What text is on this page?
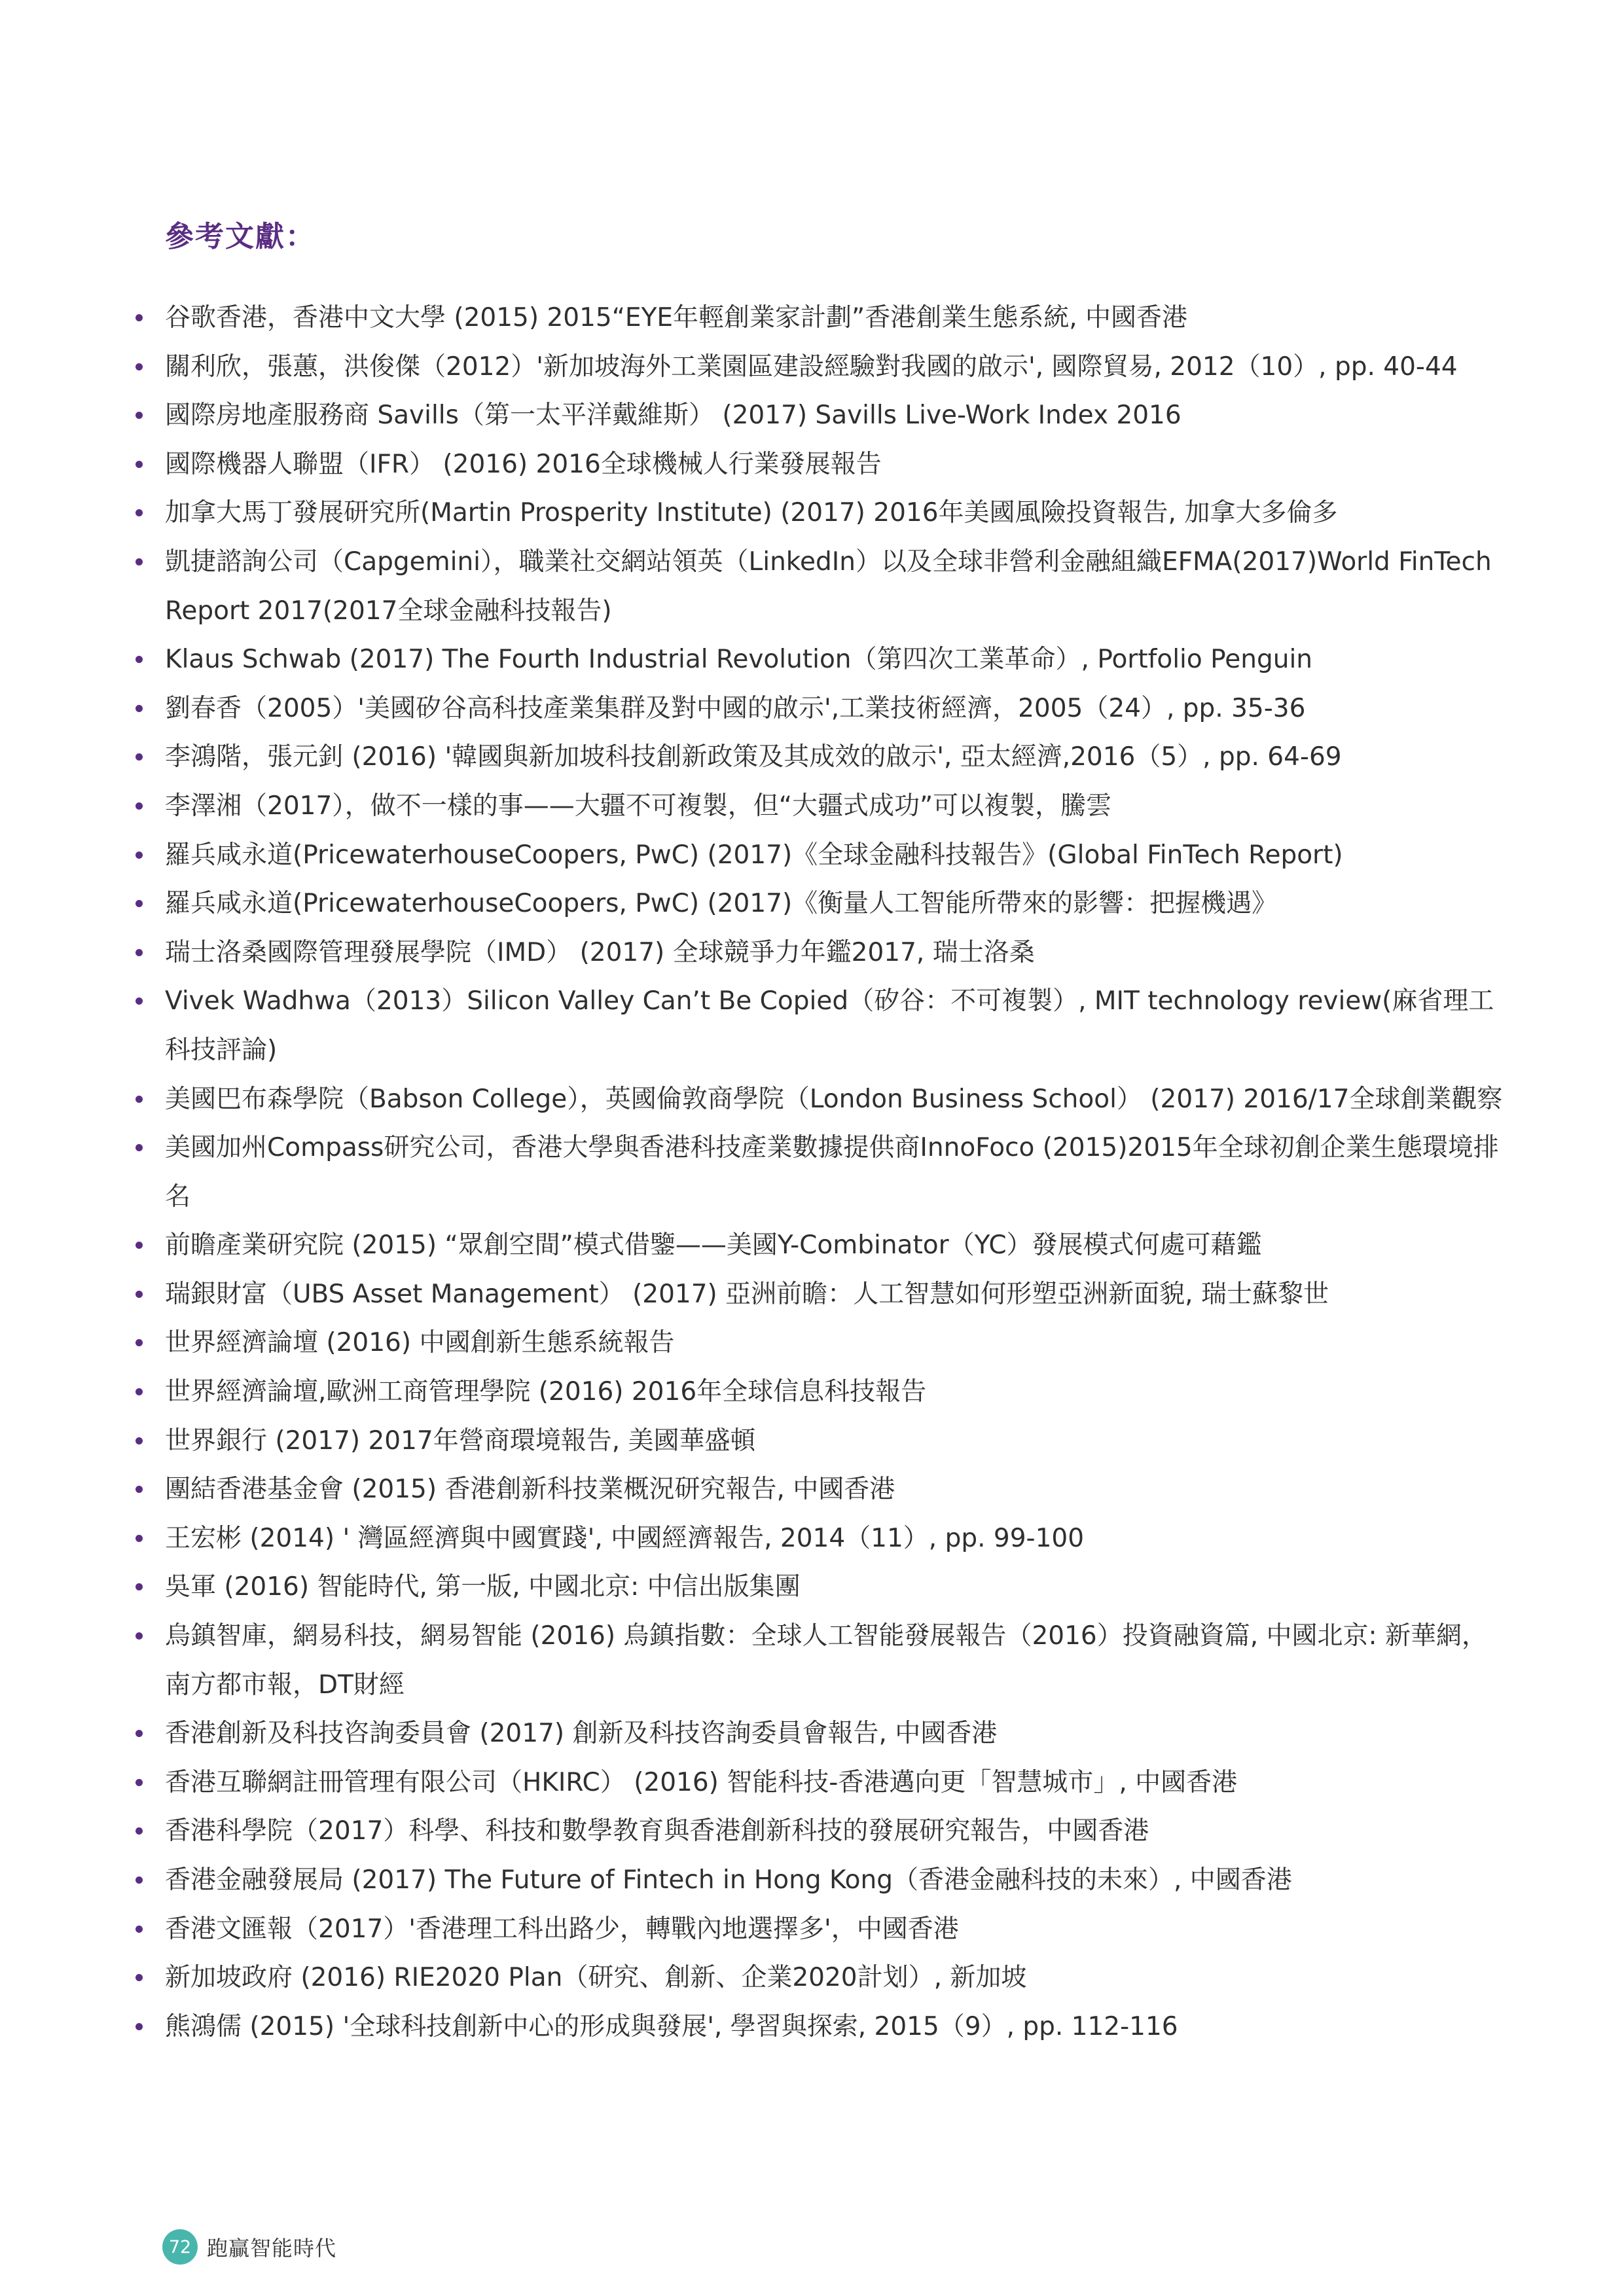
參考文獻：
谷歌香港，香港中文大學 (2015) 2015“EYE年輕創業家計劃”香港創業生態系統, 中國香港
關利欣，張蕙，洪俊傑（2012）'新加坡海外工業園區建設經驗對我國的啟示', 國際貿易, 2012（10）, pp. 40-44
國際房地產服務商 Savills（第一太平洋戴維斯） (2017) Savills Live-Work Index 2016
國際機器人聯盟（IFR） (2016) 2016全球機械人行業發展報告
加拿大馬丁發展研究所(Martin Prosperity Institute) (2017) 2016年美國風險投資報告, 加拿大多倫多
凱捷諮詢公司（Capgemini），職業社交網站領英（LinkedIn）以及全球非營利金融組織EFMA(2017)World FinTech Report 2017(2017全球金融科技報告)
Klaus Schwab (2017) The Fourth Industrial Revolution（第四次工業革命）, Portfolio Penguin
劉春香（2005）'美國矽谷高科技產業集群及對中國的啟示',工業技術經濟，2005（24）, pp. 35-36
李鴻階，張元釗 (2016) '韓國與新加坡科技創新政策及其成效的啟示', 亞太經濟,2016（5）, pp. 64-69
李澤湘（2017），做不一樣的事——大疆不可複製，但“大疆式成功”可以複製，騰雲
羅兵咸永道(PricewaterhouseCoopers, PwC) (2017)《全球金融科技報告》(Global FinTech Report)
羅兵咸永道(PricewaterhouseCoopers, PwC) (2017)《衡量人工智能所帶來的影響：把握機遇》
瑞士洛桑國際管理發展學院（IMD） (2017) 全球競爭力年鑑2017, 瑞士洛桑
Vivek Wadhwa（2013）Silicon Valley Can’t Be Copied（矽谷：不可複製）, MIT technology review(麻省理工科技評論)
美國巴布森學院（Babson College），英國倫敦商學院（London Business School） (2017) 2016/17全球創業觀察
美國加州Compass研究公司，香港大學與香港科技產業數據提供商InnoFoco (2015)2015年全球初創企業生態環境排名
前瞻產業研究院 (2015) “眾創空間”模式借鑒——美國Y-Combinator（YC）發展模式何處可藉鑑
瑞銀財富（UBS Asset Management） (2017) 亞洲前瞻：人工智慧如何形塑亞洲新面貌, 瑞士蘇黎世
世界經濟論壇 (2016) 中國創新生態系統報告
世界經濟論壇,歐洲工商管理學院 (2016) 2016年全球信息科技報告
世界銀行 (2017) 2017年營商環境報告, 美國華盛頓
團結香港基金會 (2015) 香港創新科技業概況研究報告, 中國香港
王宏彬 (2014) ' 灣區經濟與中國實踐', 中國經濟報告, 2014（11）, pp. 99-100
吳軍 (2016) 智能時代, 第一版, 中國北京: 中信出版集團
烏鎮智庫，網易科技，網易智能 (2016) 烏鎮指數：全球人工智能發展報告（2016）投資融資篇, 中國北京: 新華網，南方都市報，DT財經
香港創新及科技咨詢委員會 (2017) 創新及科技咨詢委員會報告, 中國香港
香港互聯網註冊管理有限公司（HKIRC） (2016) 智能科技-香港邁向更「智慧城市」, 中國香港
香港科學院（2017）科學、科技和數學教育與香港創新科技的發展研究報告，中國香港
香港金融發展局 (2017) The Future of Fintech in Hong Kong（香港金融科技的未來）, 中國香港
香港文匯報（2017）'香港理工科出路少，轉戰內地選擇多'，中國香港
新加坡政府 (2016) RIE2020 Plan（研究、創新、企業2020計划）, 新加坡
熊鴻儒 (2015) '全球科技創新中心的形成與發展', 學習與探索, 2015（9）, pp. 112-116
72 跑贏智能時代
